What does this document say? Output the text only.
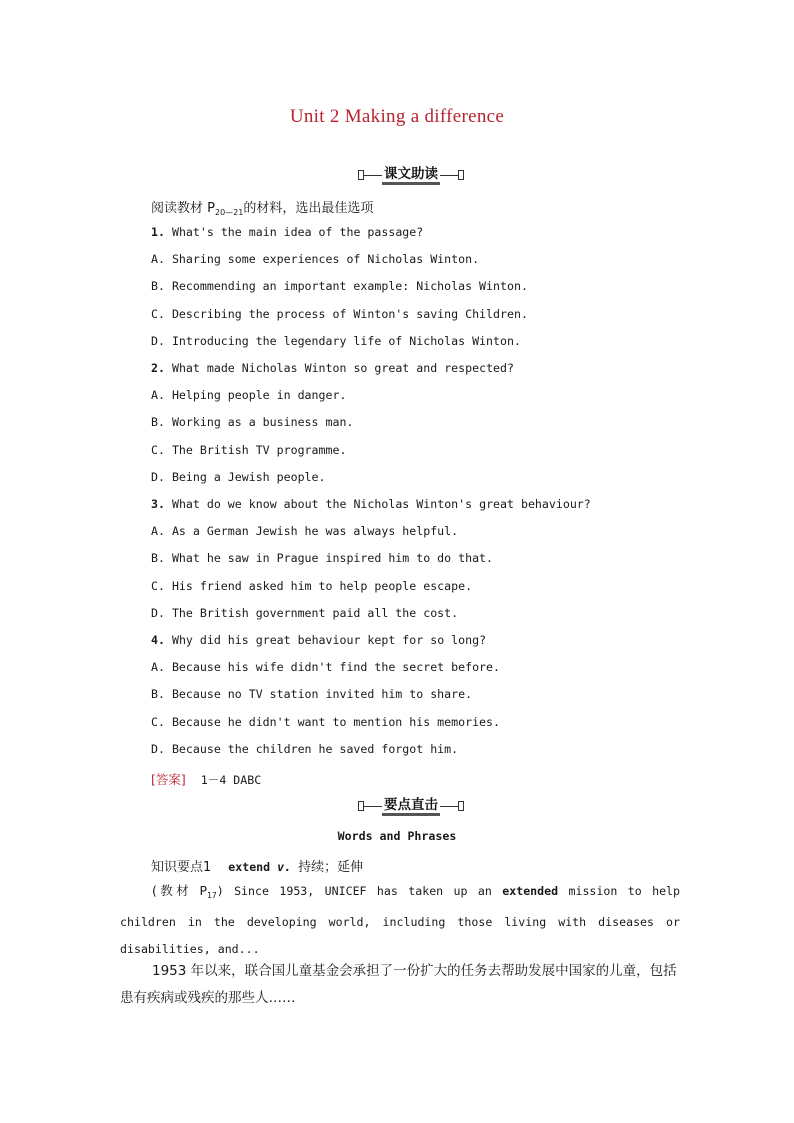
Unit 2 Making a difference
课文助读
阅读教材 $P_{20—21}$的材料，选出最佳选项
1. What's the main idea of the passage?
A. Sharing some experiences of Nicholas Winton.
B. Recommending an important example: Nicholas Winton.
C. Describing the process of Winton's saving Children.
D. Introducing the legendary life of Nicholas Winton.
2. What made Nicholas Winton so great and respected?
A. Helping people in danger.
B. Working as a business man.
C. The British TV programme.
D. Being a Jewish people.
3. What do we know about the Nicholas Winton's great behaviour?
A. As a German Jewish he was always helpful.
B. What he saw in Prague inspired him to do that.
C. His friend asked him to help people escape.
D. The British government paid all the cost.
4. Why did his great behaviour kept for so long?
A. Because his wife didn't find the secret before.
B. Because no TV station invited him to share.
C. Because he didn't want to mention his memories.
D. Because the children he saved forgot him.
[答案] 1－4 DABC
要点直击
Words and Phrases
知识要点1 extend v. 持续；延伸
(教材 $P_{17}$) Since 1953, UNICEF has taken up an extended mission to help children in the developing world, including those living with diseases or disabilities, and...
1953 年以来，联合国儿童基金会承担了一份扩大的任务去帮助发展中国家的儿童，包括患有疾病或残疾的那些人……
